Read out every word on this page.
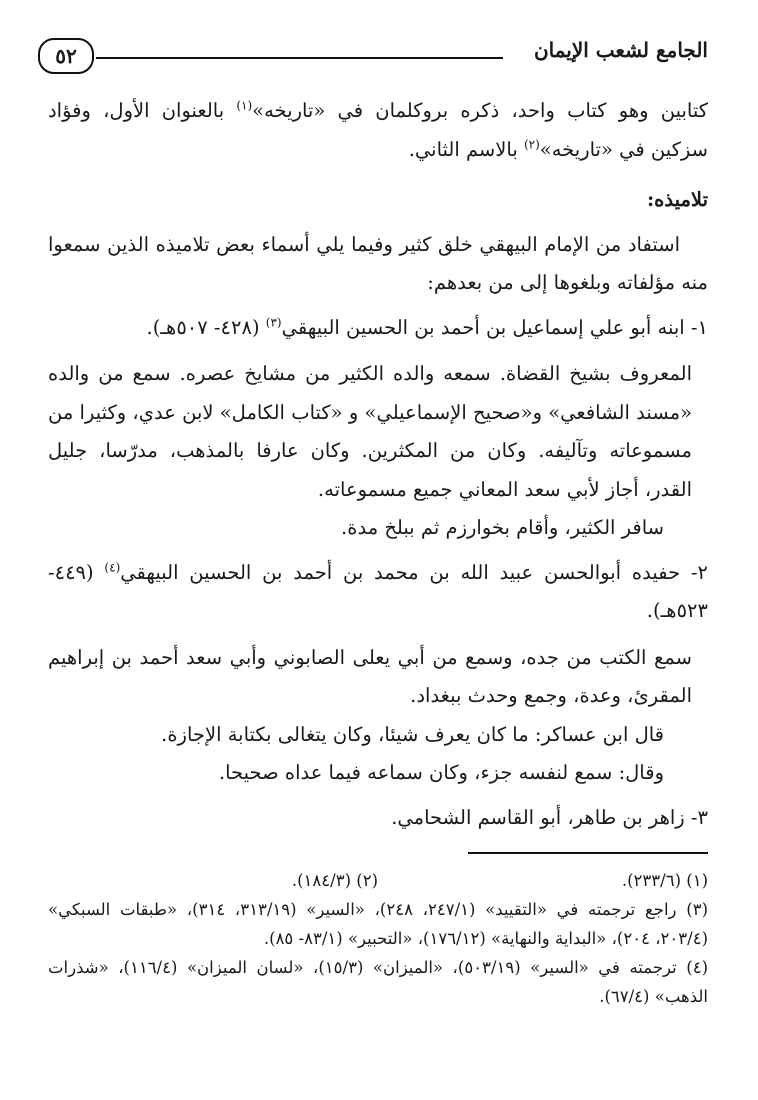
٥٢	الجامع لشعب الإيمان

كتابين وهو كتاب واحد، ذكره بروكلمان في «تاريخه»$^{(١)}$ بالعنوان الأول، وفؤاد سزكين في «تاريخه»$^{(٢)}$ بالاسم الثاني.

تلاميذه:

استفاد من الإمام البيهقي خلق كثير وفيما يلي أسماء بعض تلاميذه الذين سمعوا منه مؤلفاته وبلغوها إلى من بعدهم:

١- ابنه أبو علي إسماعيل بن أحمد بن الحسين البيهقي$^{(٣)}$ (٤٢٨- ٥٠٧هـ).

المعروف بشيخ القضاة. سمعه والده الكثير من مشايخ عصره. سمع من والده «مسند الشافعي» و«صحيح الإسماعيلي» و «كتاب الكامل» لابن عدي، وكثيرا من مسموعاته وتآليفه. وكان من المكثرين. وكان عارفا بالمذهب، مدرّسا، جليل القدر، أجاز لأبي سعد المعاني جميع مسموعاته.

سافر الكثير، وأقام بخوارزم ثم ببلخ مدة.

٢- حفيده أبوالحسن عبيد الله بن محمد بن أحمد بن الحسين البيهقي$^{(٤)}$ (٤٤٩- ٥٢٣هـ).

سمع الكتب من جده، وسمع من أبي يعلى الصابوني وأبي سعد أحمد بن إبراهيم المقرئ، وعدة، وجمع وحدث ببغداد.

قال ابن عساكر: ما كان يعرف شيئا، وكان يتغالى بكتابة الإجازة.

وقال: سمع لنفسه جزء، وكان سماعه فيما عداه صحيحا.

٣- زاهر بن طاهر، أبو القاسم الشحامي.

(١) (٢٣٣/٦).
(٢) (١٨٤/٣).

(٣) راجع ترجمته في «التقييد» (٢٤٧/١، ٢٤٨)، «السير» (٣١٣/١٩، ٣١٤)، «طبقات السبكي» (٢٠٣/٤، ٢٠٤)، «البداية والنهاية» (١٧٦/١٢)، «التحبير» (٨٣/١- ٨٥).

(٤) ترجمته في «السير» (٥٠٣/١٩)، «الميزان» (١٥/٣)، «لسان الميزان» (١١٦/٤)، «شذرات الذهب» (٦٧/٤).
